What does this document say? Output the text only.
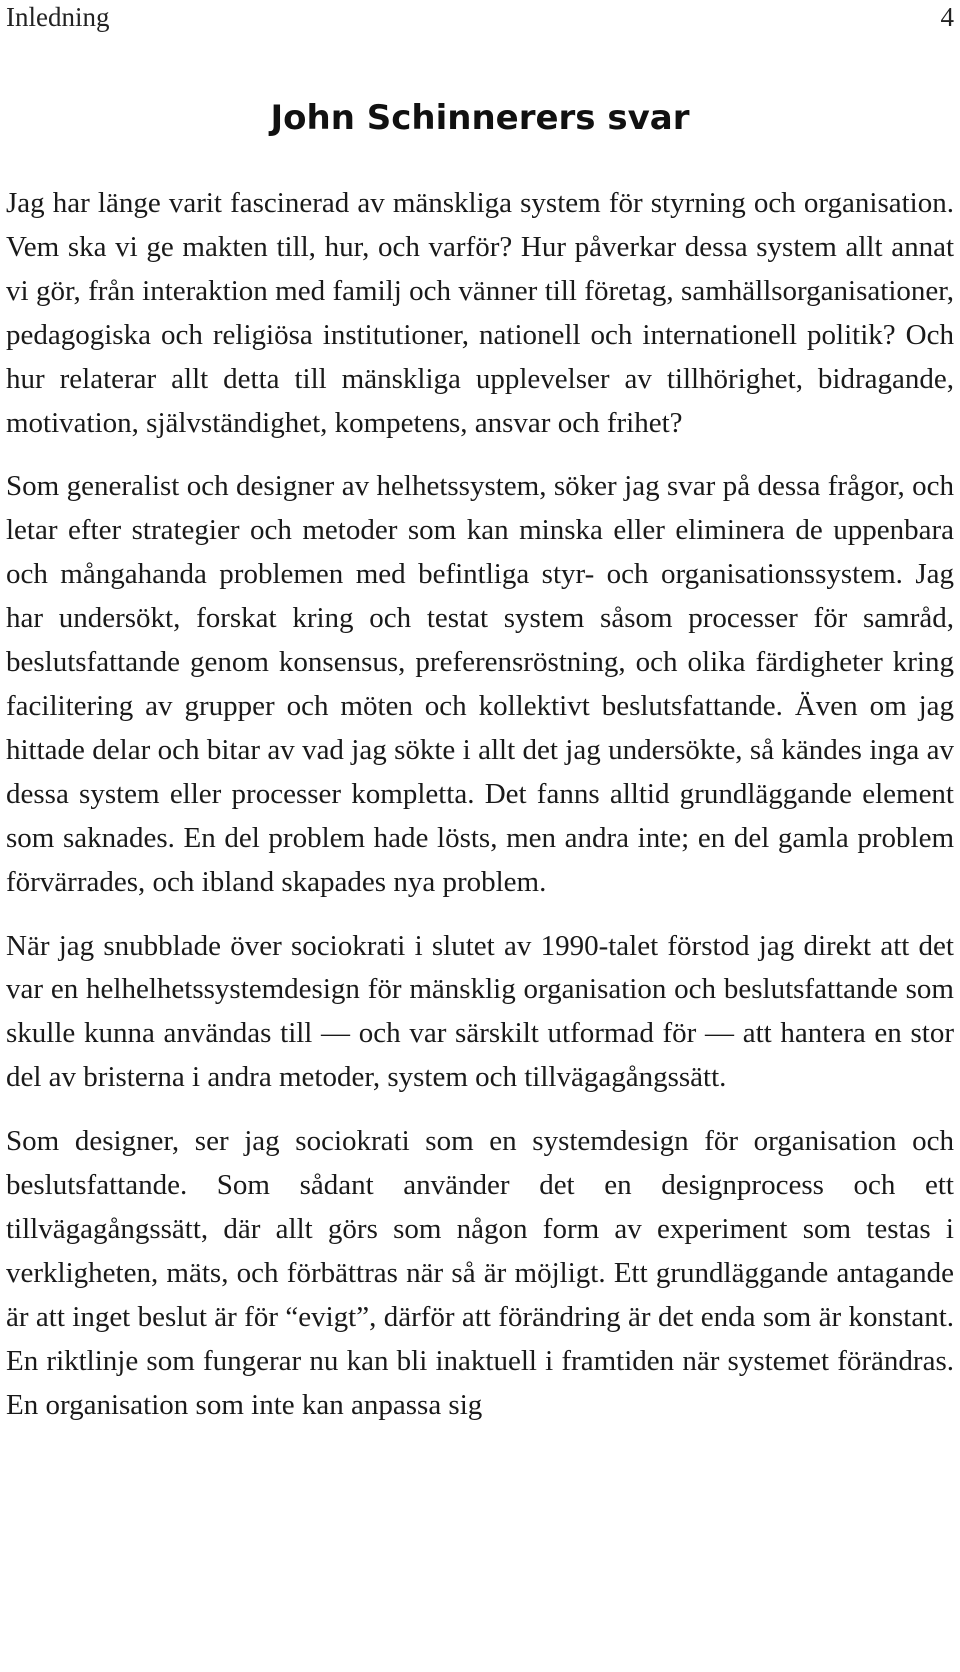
Inledning	4
John Schinnerers svar

Jag har länge varit fascinerad av mänskliga system för styrning och organisation. Vem ska vi ge makten till, hur, och varför? Hur påverkar dessa system allt annat vi gör, från interaktion med familj och vänner till företag, samhällsorganisationer, pedagogiska och religiösa institutioner, nationell och internationell politik? Och hur relaterar allt detta till mänskliga upplevelser av tillhörighet, bidragande, motivation, självständighet, kompetens, ansvar och frihet?

Som generalist och designer av helhetssystem, söker jag svar på dessa frågor, och letar efter strategier och metoder som kan minska eller eliminera de uppenbara och mångahanda problemen med befintliga styr- och organisationssystem. Jag har undersökt, forskat kring och testat system såsom processer för samråd, beslutsfattande genom konsensus, preferensröstning, och olika färdigheter kring facilitering av grupper och möten och kollektivt beslutsfattande. Även om jag hittade delar och bitar av vad jag sökte i allt det jag undersökte, så kändes inga av dessa system eller processer kompletta. Det fanns alltid grundläggande element som saknades. En del problem hade lösts, men andra inte; en del gamla problem förvärrades, och ibland skapades nya problem.

När jag snubblade över sociokrati i slutet av 1990-talet förstod jag direkt att det var en helhelhetssystemdesign för mänsklig organisation och beslutsfattande som skulle kunna användas till — och var särskilt utformad för — att hantera en stor del av bristerna i andra metoder, system och tillvägagångssätt.

Som designer, ser jag sociokrati som en systemdesign för organisation och beslutsfattande. Som sådant använder det en designprocess och ett tillvägagångssätt, där allt görs som någon form av experiment som testas i verkligheten, mäts, och förbättras när så är möjligt. Ett grundläggande antagande är att inget beslut är för “evigt”, därför att förändring är det enda som är konstant. En riktlinje som fungerar nu kan bli inaktuell i framtiden när systemet förändras. En organisation som inte kan anpassa sig
